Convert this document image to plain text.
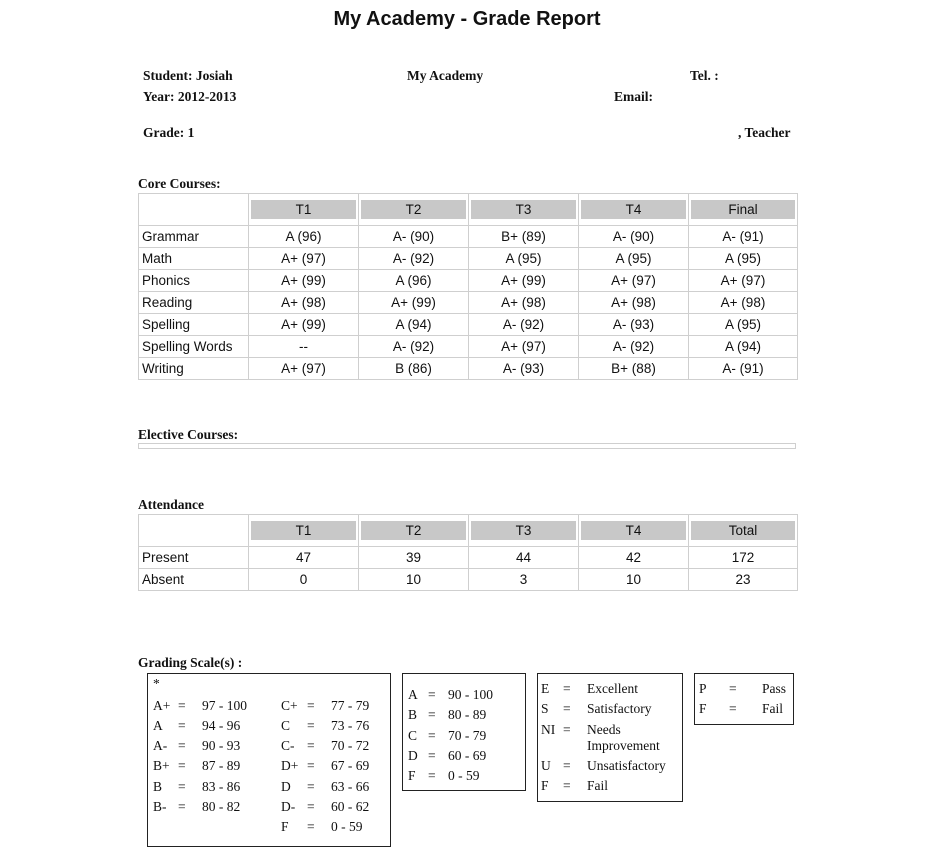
My Academy - Grade Report
Student: Josiah	My Academy	Tel. :
Year: 2012-2013	Email:
Grade: 1	, Teacher
Core Courses:

	T1	T2	T3	T4	Final

Grammar	A (96)	A- (90)	B+ (89)	A- (90)	A- (91)
Math	A+ (97)	A- (92)	A (95)	A (95)	A (95)
Phonics	A+ (99)	A (96)	A+ (99)	A+ (97)	A+ (97)
Reading	A+ (98)	A+ (99)	A+ (98)	A+ (98)	A+ (98)
Spelling	A+ (99)	A (94)	A- (92)	A- (93)	A (95)
Spelling Words	--	A- (92)	A+ (97)	A- (92)	A (94)
Writing	A+ (97)	B (86)	A- (93)	B+ (88)	A- (91)
Elective Courses:
Attendance

	T1	T2	T3	T4	Total

Present	47	39	44	42	172
Absent	0	10	3	10	23
Grading Scale(s) :
*
A+ = 97 - 100
A = 94 - 96
A- = 90 - 93
B+ = 87 - 89
B = 83 - 86
B- = 80 - 82
C+ = 77 - 79
C = 73 - 76
C- = 70 - 72
D+ = 67 - 69
D = 63 - 66
D- = 60 - 62
F = 0 - 59
A = 90 - 100
B = 80 - 89
C = 70 - 79
D = 60 - 69
F = 0 - 59
E = Excellent
S = Satisfactory
NI = Needs
Improvement
U = Unsatisfactory
F = Fail
P = Pass
F = Fail
